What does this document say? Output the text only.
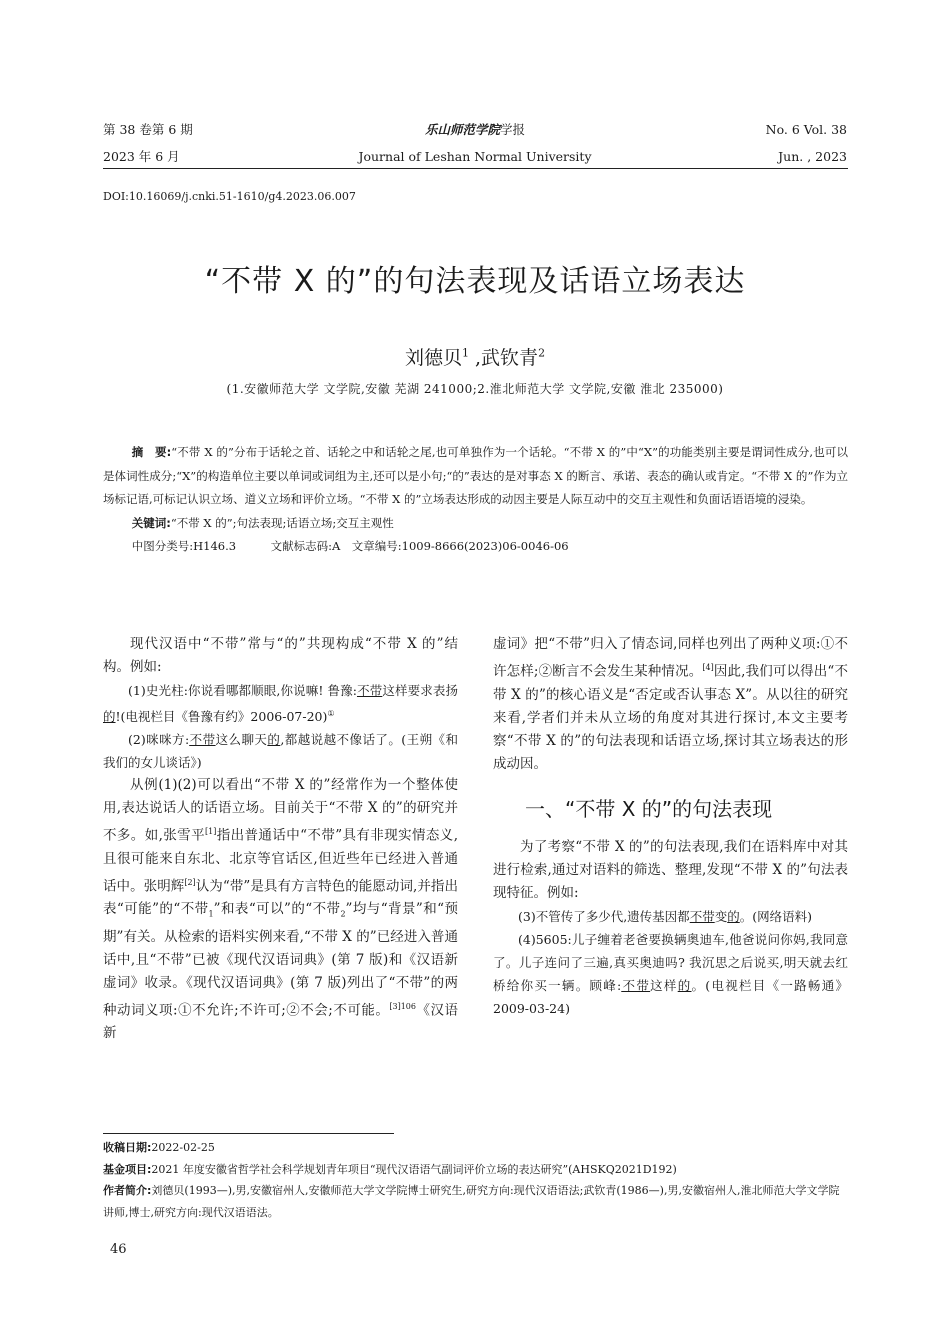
第 38 卷第 6 期
2023 年 6 月
乐山师范学院学报
Journal of Leshan Normal University
No. 6 Vol. 38
Jun. , 2023
DOI:10.16069/j.cnki.51-1610/g4.2023.06.007
“不带 X 的”的句法表现及话语立场表达
刘德贝$^1$ ,武钦青$^2$
(1.安徽师范大学 文学院,安徽 芜湖 241000;2.淮北师范大学 文学院,安徽 淮北 235000)

摘　要:“不带 X 的”分布于话轮之首、话轮之中和话轮之尾,也可单独作为一个话轮。“不带 X 的”中“X”的功能类别主要是谓词性成分,也可以是体词性成分;“X”的构造单位主要以单词或词组为主,还可以是小句;“的”表达的是对事态 X 的断言、承诺、表态的确认或肯定。“不带 X 的”作为立场标记语,可标记认识立场、道义立场和评价立场。“不带 X 的”立场表达形成的动因主要是人际互动中的交互主观性和负面话语语境的浸染。

关键词:“不带 X 的”;句法表现;话语立场;交互主观性

中图分类号:H146.3　　　文献标志码:A　文章编号:1009-8666(2023)06-0046-06

现代汉语中“不带”常与“的”共现构成“不带 X 的”结构。例如:

(1)史光柱:你说看哪都顺眼,你说嘛! 鲁豫:不带这样要求表扬的!(电视栏目《鲁豫有约》2006-07-20)①

(2)咪咪方:不带这么聊天的,都越说越不像话了。(王朔《和我们的女儿谈话》)

从例(1)(2)可以看出“不带 X 的”经常作为一个整体使用,表达说话人的话语立场。目前关于“不带 X 的”的研究并不多。如,张雪平[1]指出普通话中“不带”具有非现实情态义,且很可能来自东北、北京等官话区,但近些年已经进入普通话中。张明辉[2]认为“带”是具有方言特色的能愿动词,并指出表“可能”的“不带$_1$”和表“可以”的“不带$_2$”均与“背景”和“预期”有关。从检索的语料实例来看,“不带 X 的”已经进入普通话中,且“不带”已被《现代汉语词典》(第 7 版)和《汉语新虚词》收录。《现代汉语词典》(第 7 版)列出了“不带”的两种动词义项:①不允许;不许可;②不会;不可能。$^{[3]106}$《汉语新

虚词》把“不带”归入了情态词,同样也列出了两种义项:①不许怎样;②断言不会发生某种情况。[4]因此,我们可以得出“不带 X 的”的核心语义是“否定或否认事态 X”。从以往的研究来看,学者们并未从立场的角度对其进行探讨,本文主要考察“不带 X 的”的句法表现和话语立场,探讨其立场表达的形成动因。

一、“不带 X 的”的句法表现

为了考察“不带 X 的”的句法表现,我们在语料库中对其进行检索,通过对语料的筛选、整理,发现“不带 X 的”句法表现特征。例如:

(3)不管传了多少代,遗传基因都不带变的。(网络语料)

(4)5605:儿子缠着老爸要换辆奥迪车,他爸说问你妈,我同意了。儿子连问了三遍,真买奥迪吗? 我沉思之后说买,明天就去红桥给你买一辆。顾峰:不带这样的。(电视栏目《一路畅通》2009-03-24)

收稿日期:2022-02-25

基金项目:2021 年度安徽省哲学社会科学规划青年项目“现代汉语语气副词评价立场的表达研究”(AHSKQ2021D192)

作者简介:刘德贝(1993—),男,安徽宿州人,安徽师范大学文学院博士研究生,研究方向:现代汉语语法;武钦青(1986—),男,安徽宿州人,淮北师范大学文学院讲师,博士,研究方向:现代汉语语法。

46
